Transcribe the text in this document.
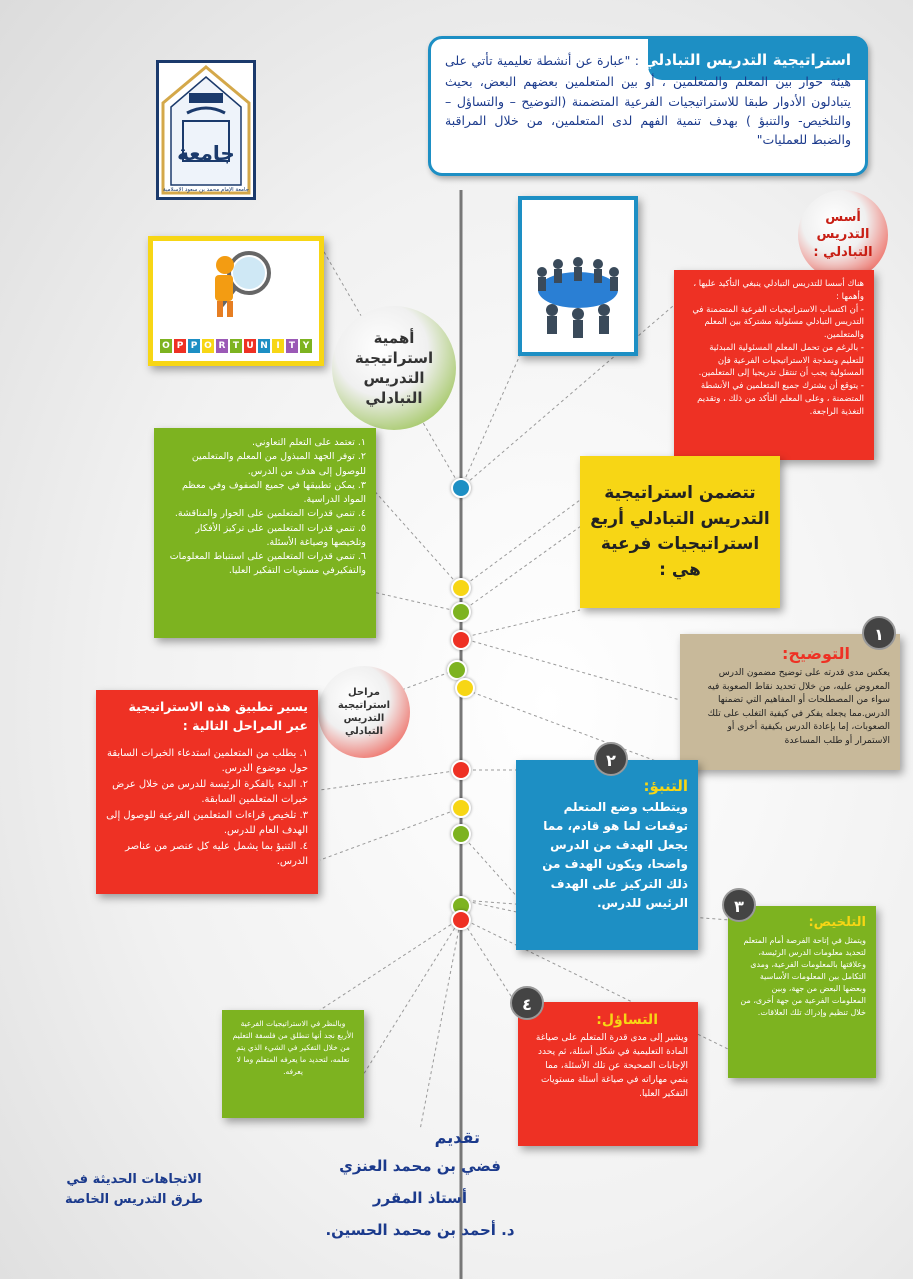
استراتيجية التدريس التبادلي : "عبارة عن أنشطة تعليمية تأتي على هيئة حوار بين المعلم والمتعلمين ، أو بين المتعلمين بعضهم البعض، بحيث يتبادلون الأدوار طبقا للاستراتيجيات الفرعية المتضمنة (التوضيح – والتساؤل – والتلخيص- والتنبؤ ) بهدف تنمية الفهم لدى المتعلمين، من خلال المراقبة والضبط للعمليات"

جامعة
جامعة الإمام محمد بن سعود الإسلامية
أسس
التدريس
التبادلي :

هناك أسسا للتدريس التبادلي ينبغي التأكيد عليها ، وأهمها :
- أن اكتساب الاستراتيجيات الفرعية المتضمنة في التدريس التبادلي مسئولية مشتركة بين المعلم والمتعلمين.
- بالرغم من تحمل المعلم المسئولية المبدئية للتعليم ونمذجة الاستراتيجيات الفرعية فإن المسئولية يجب أن تنتقل تدريجيا إلى المتعلمين.
- يتوقع أن يشترك جميع المتعلمين في الأنشطة المتضمنة ، وعلى المعلم التأكد من ذلك ، وتقديم التغذية الراجعة.

O P P O R T U N I	T Y	أهمية
استراتيجية
التدريس
التبادلي

١. تعتمد على التعلم التعاوني.
٢. توفر الجهد المبذول من المعلم والمتعلمين للوصول إلى هدف من الدرس.
٣. يمكن تطبيقها في جميع الصفوف وفي معظم المواد الدراسية.
٤. تنمي قدرات المتعلمين على الحوار والمناقشة.
٥. تنمي قدرات المتعلمين على تركيز الأفكار وتلخيصها وصياغة الأسئلة.
٦. تنمي قدرات المتعلمين على استنباط المعلومات والتفكيرفي مستويات التفكير العليا.

تتضمن استراتيجية التدريس التبادلي أربع استراتيجيات فرعية هي :

١
التوضيح:

يعكس مدى قدرته على توضيح مضمون الدرس المعروض عليه، من خلال تحديد نقاط الصعوبة فيه سواء من المصطلحات أو المفاهيم التي تضمنها الدرس.مما يجعله يفكر في كيفية التغلب على تلك الصعوبات، إما بإعادة الدرس بكيفية أخرى أو الاستمرار أو طلب المساعدة

مراحل
استراتيجية
التدريس
التبادلي
يسير تطبيق هذه الاستراتيجية عبر المراحل التالية :

١. يطلب من المتعلمين استدعاء الخبرات السابقة حول موضوع الدرس.
٢. البدء بالفكرة الرئيسة للدرس من خلال عرض خبرات المتعلمين السابقة.
٣. تلخيص قراءات المتعلمين الفرعية للوصول إلى الهدف العام للدرس.
٤. التنبؤ بما يشمل عليه كل عنصر من عناصر الدرس.

٢
التنبؤ:

ويتطلب وضع المتعلم توقعات لما هو قادم، مما يجعل الهدف من الدرس واضحا، ويكون الهدف من ذلك التركيز على الهدف الرئيس للدرس.	٣
التلخيص:

ويتمثل في إتاحة الفرصة أمام المتعلم لتحديد معلومات الدرس الرئيسة، وعلاقتها بالمعلومات الفرعية، ومدى التكامل بين المعلومات الأساسية وبعضها البعض من جهة، وبين المعلومات الفرعية من جهة أخرى، من خلال تنظيم وإدراك تلك العلاقات.

٤
التساؤل:

ويشير إلى مدى قدرة المتعلم على صياغة المادة التعليمية في شكل أسئلة، ثم يحدد الإجابات الصحيحة عن تلك الأسئلة، مما ينمي مهاراته في صياغة أسئلة مستويات التفكير العليا.

وبالنظر في الاستراتيجيات الفرعية الأربع نجد أنها تنطلق من فلسفة التعليم من خلال التفكير في الشيء الذي يتم تعلمه، لتحديد ما يعرفه المتعلم وما لا يعرفه.

تقديم
فضي بن محمد العنزي
أستاذ المقرر
د. أحمد بن محمد الحسين.
الاتجاهات الحديثة في
طرق التدريس الخاصة
